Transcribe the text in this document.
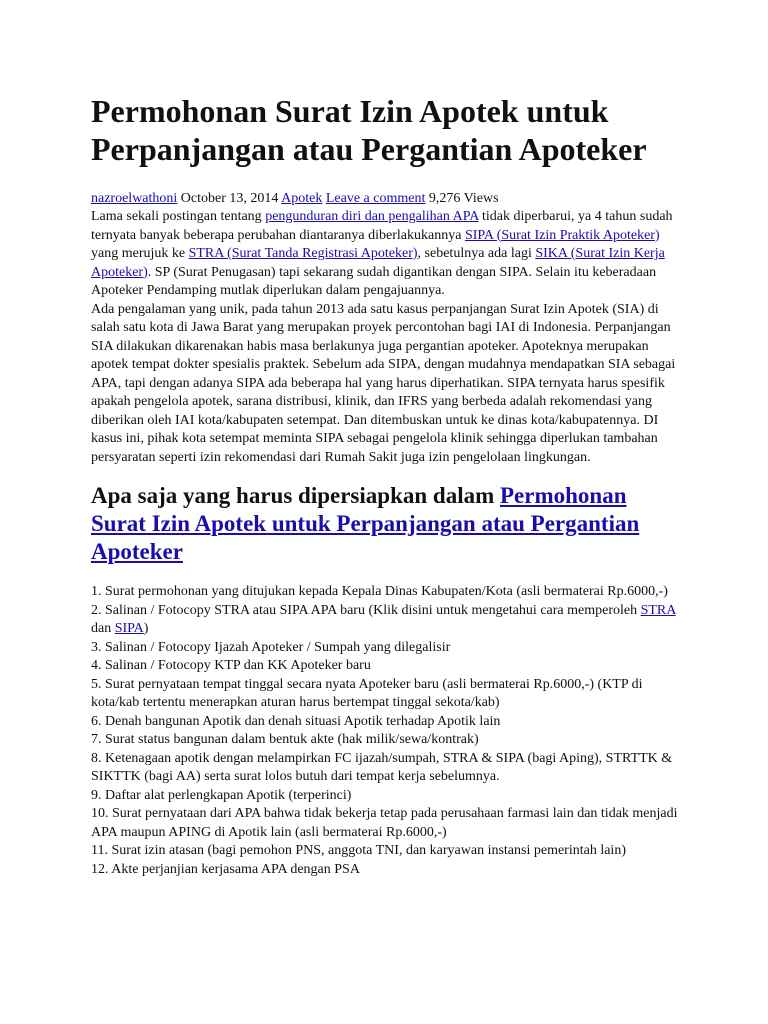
Permohonan Surat Izin Apotek untuk Perpanjangan atau Pergantian Apoteker
nazroelwathoni October 13, 2014 Apotek Leave a comment 9,276 Views

Lama sekali postingan tentang pengunduran diri dan pengalihan APA tidak diperbarui, ya 4 tahun sudah ternyata banyak beberapa perubahan diantaranya diberlakukannya SIPA (Surat Izin Praktik Apoteker) yang merujuk ke STRA (Surat Tanda Registrasi Apoteker), sebetulnya ada lagi SIKA (Surat Izin Kerja Apoteker). SP (Surat Penugasan) tapi sekarang sudah digantikan dengan SIPA. Selain itu keberadaan Apoteker Pendamping mutlak diperlukan dalam pengajuannya.

Ada pengalaman yang unik, pada tahun 2013 ada satu kasus perpanjangan Surat Izin Apotek (SIA) di salah satu kota di Jawa Barat yang merupakan proyek percontohan bagi IAI di Indonesia. Perpanjangan SIA dilakukan dikarenakan habis masa berlakunya juga pergantian apoteker. Apoteknya merupakan apotek tempat dokter spesialis praktek. Sebelum ada SIPA, dengan mudahnya mendapatkan SIA sebagai APA, tapi dengan adanya SIPA ada beberapa hal yang harus diperhatikan. SIPA ternyata harus spesifik apakah pengelola apotek, sarana distribusi, klinik, dan IFRS yang berbeda adalah rekomendasi yang diberikan oleh IAI kota/kabupaten setempat. Dan ditembuskan untuk ke dinas kota/kabupatennya. DI kasus ini, pihak kota setempat meminta SIPA sebagai pengelola klinik sehingga diperlukan tambahan persyaratan seperti izin rekomendasi dari Rumah Sakit juga izin pengelolaan lingkungan.

Apa saja yang harus dipersiapkan dalam Permohonan Surat Izin Apotek untuk Perpanjangan atau Pergantian Apoteker
1. Surat permohonan yang ditujukan kepada Kepala Dinas Kabupaten/Kota (asli bermaterai Rp.6000,-)
2. Salinan / Fotocopy STRA atau SIPA APA baru (Klik disini untuk mengetahui cara memperoleh STRA dan SIPA)
3. Salinan / Fotocopy Ijazah Apoteker / Sumpah yang dilegalisir
4. Salinan / Fotocopy KTP dan KK Apoteker baru
5. Surat pernyataan tempat tinggal secara nyata Apoteker baru (asli bermaterai Rp.6000,-) (KTP di kota/kab tertentu menerapkan aturan harus bertempat tinggal sekota/kab)
6. Denah bangunan Apotik dan denah situasi Apotik terhadap Apotik lain
7. Surat status bangunan dalam bentuk akte (hak milik/sewa/kontrak)
8. Ketenagaan apotik dengan melampirkan FC ijazah/sumpah, STRA & SIPA (bagi Aping), STRTTK & SIKTTK (bagi AA) serta surat lolos butuh dari tempat kerja sebelumnya.
9. Daftar alat perlengkapan Apotik (terperinci)
10. Surat pernyataan dari APA bahwa tidak bekerja tetap pada perusahaan farmasi lain dan tidak menjadi APA maupun APING di Apotik lain (asli bermaterai Rp.6000,-)
11. Surat izin atasan (bagi pemohon PNS, anggota TNI, dan karyawan instansi pemerintah lain)
12. Akte perjanjian kerjasama APA dengan PSA
